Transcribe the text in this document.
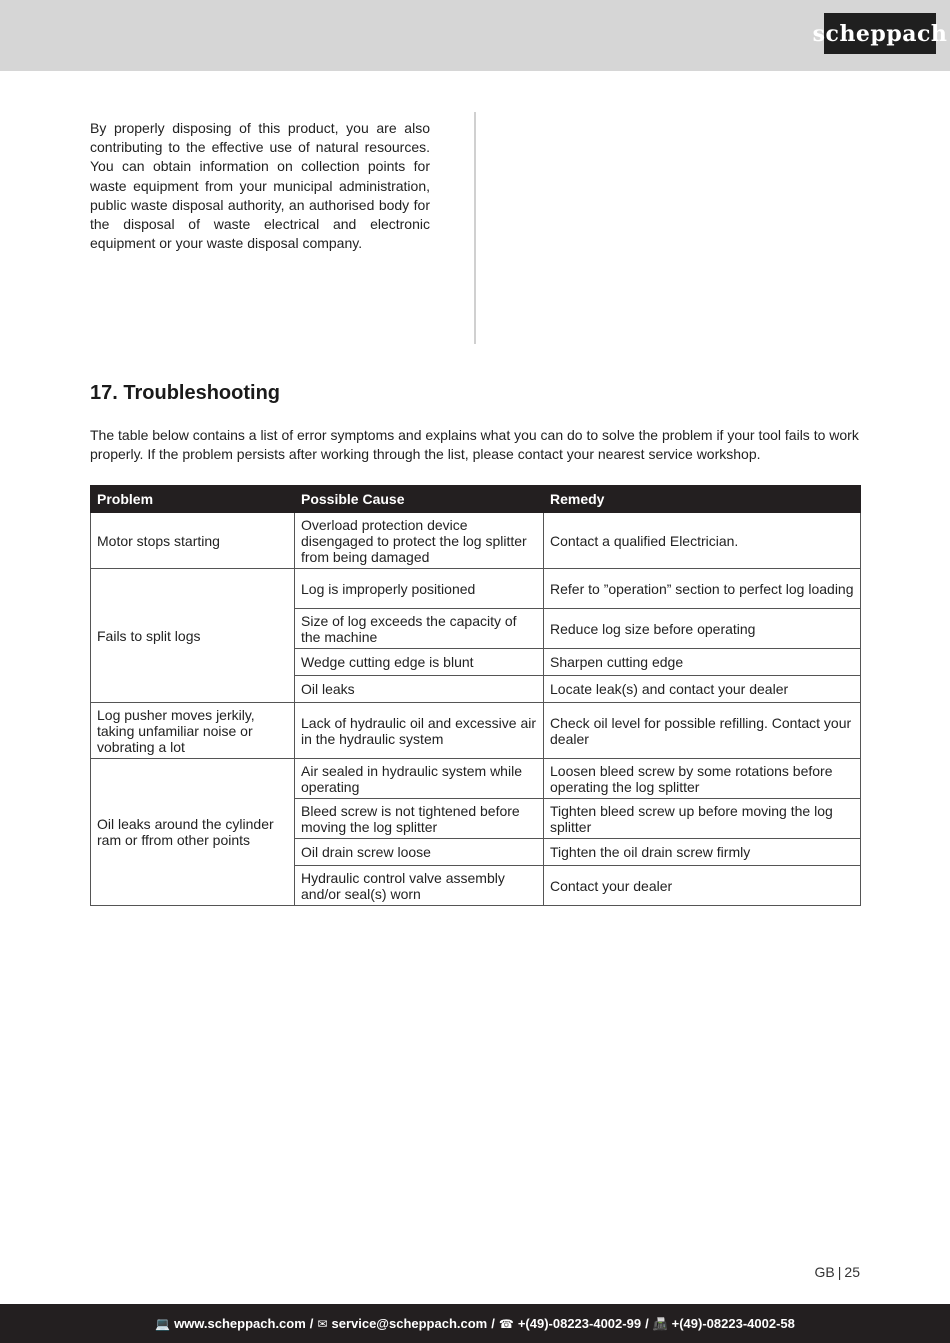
scheppach

By properly disposing of this product, you are also contributing to the effective use of natural resources. You can obtain information on collection points for waste equipment from your municipal administration, public waste disposal authority, an authorised body for the disposal of waste electrical and electronic equipment or your waste disposal company.

17. Troubleshooting

The table below contains a list of error symptoms and explains what you can do to solve the problem if your tool fails to work properly. If the problem persists after working through the list, please contact your nearest service workshop.

Problem	Possible Cause	Remedy
Motor stops starting	Overload protection device disengaged to protect the log splitter from being damaged	Contact a qualified Electrician.
Fails to split logs	Log is improperly positioned	Refer to ”operation” section to perfect log loading
	Size of log exceeds the capacity of the machine	Reduce log size before operating
	Wedge cutting edge is blunt	Sharpen cutting edge
	Oil leaks	Locate leak(s) and contact your dealer
Log pusher moves jerkily, taking unfamiliar noise or vobrating a lot	Lack of hydraulic oil and excessive air in the hydraulic system	Check oil level for possible refilling. Contact your dealer
Oil leaks around the cylinder ram or ffrom other points	Air sealed in hydraulic system while operating	Loosen bleed screw by some rotations before operating the log splitter
	Bleed screw is not tightened before moving the log splitter	Tighten bleed screw up before moving the log splitter
	Oil drain screw loose	Tighten the oil drain screw firmly
	Hydraulic control valve assembly and/or seal(s) worn	Contact your dealer
GB | 25
💻 www.scheppach.com / ✉ service@scheppach.com / ☎ +(49)-08223-4002-99 / 📠 +(49)-08223-4002-58
